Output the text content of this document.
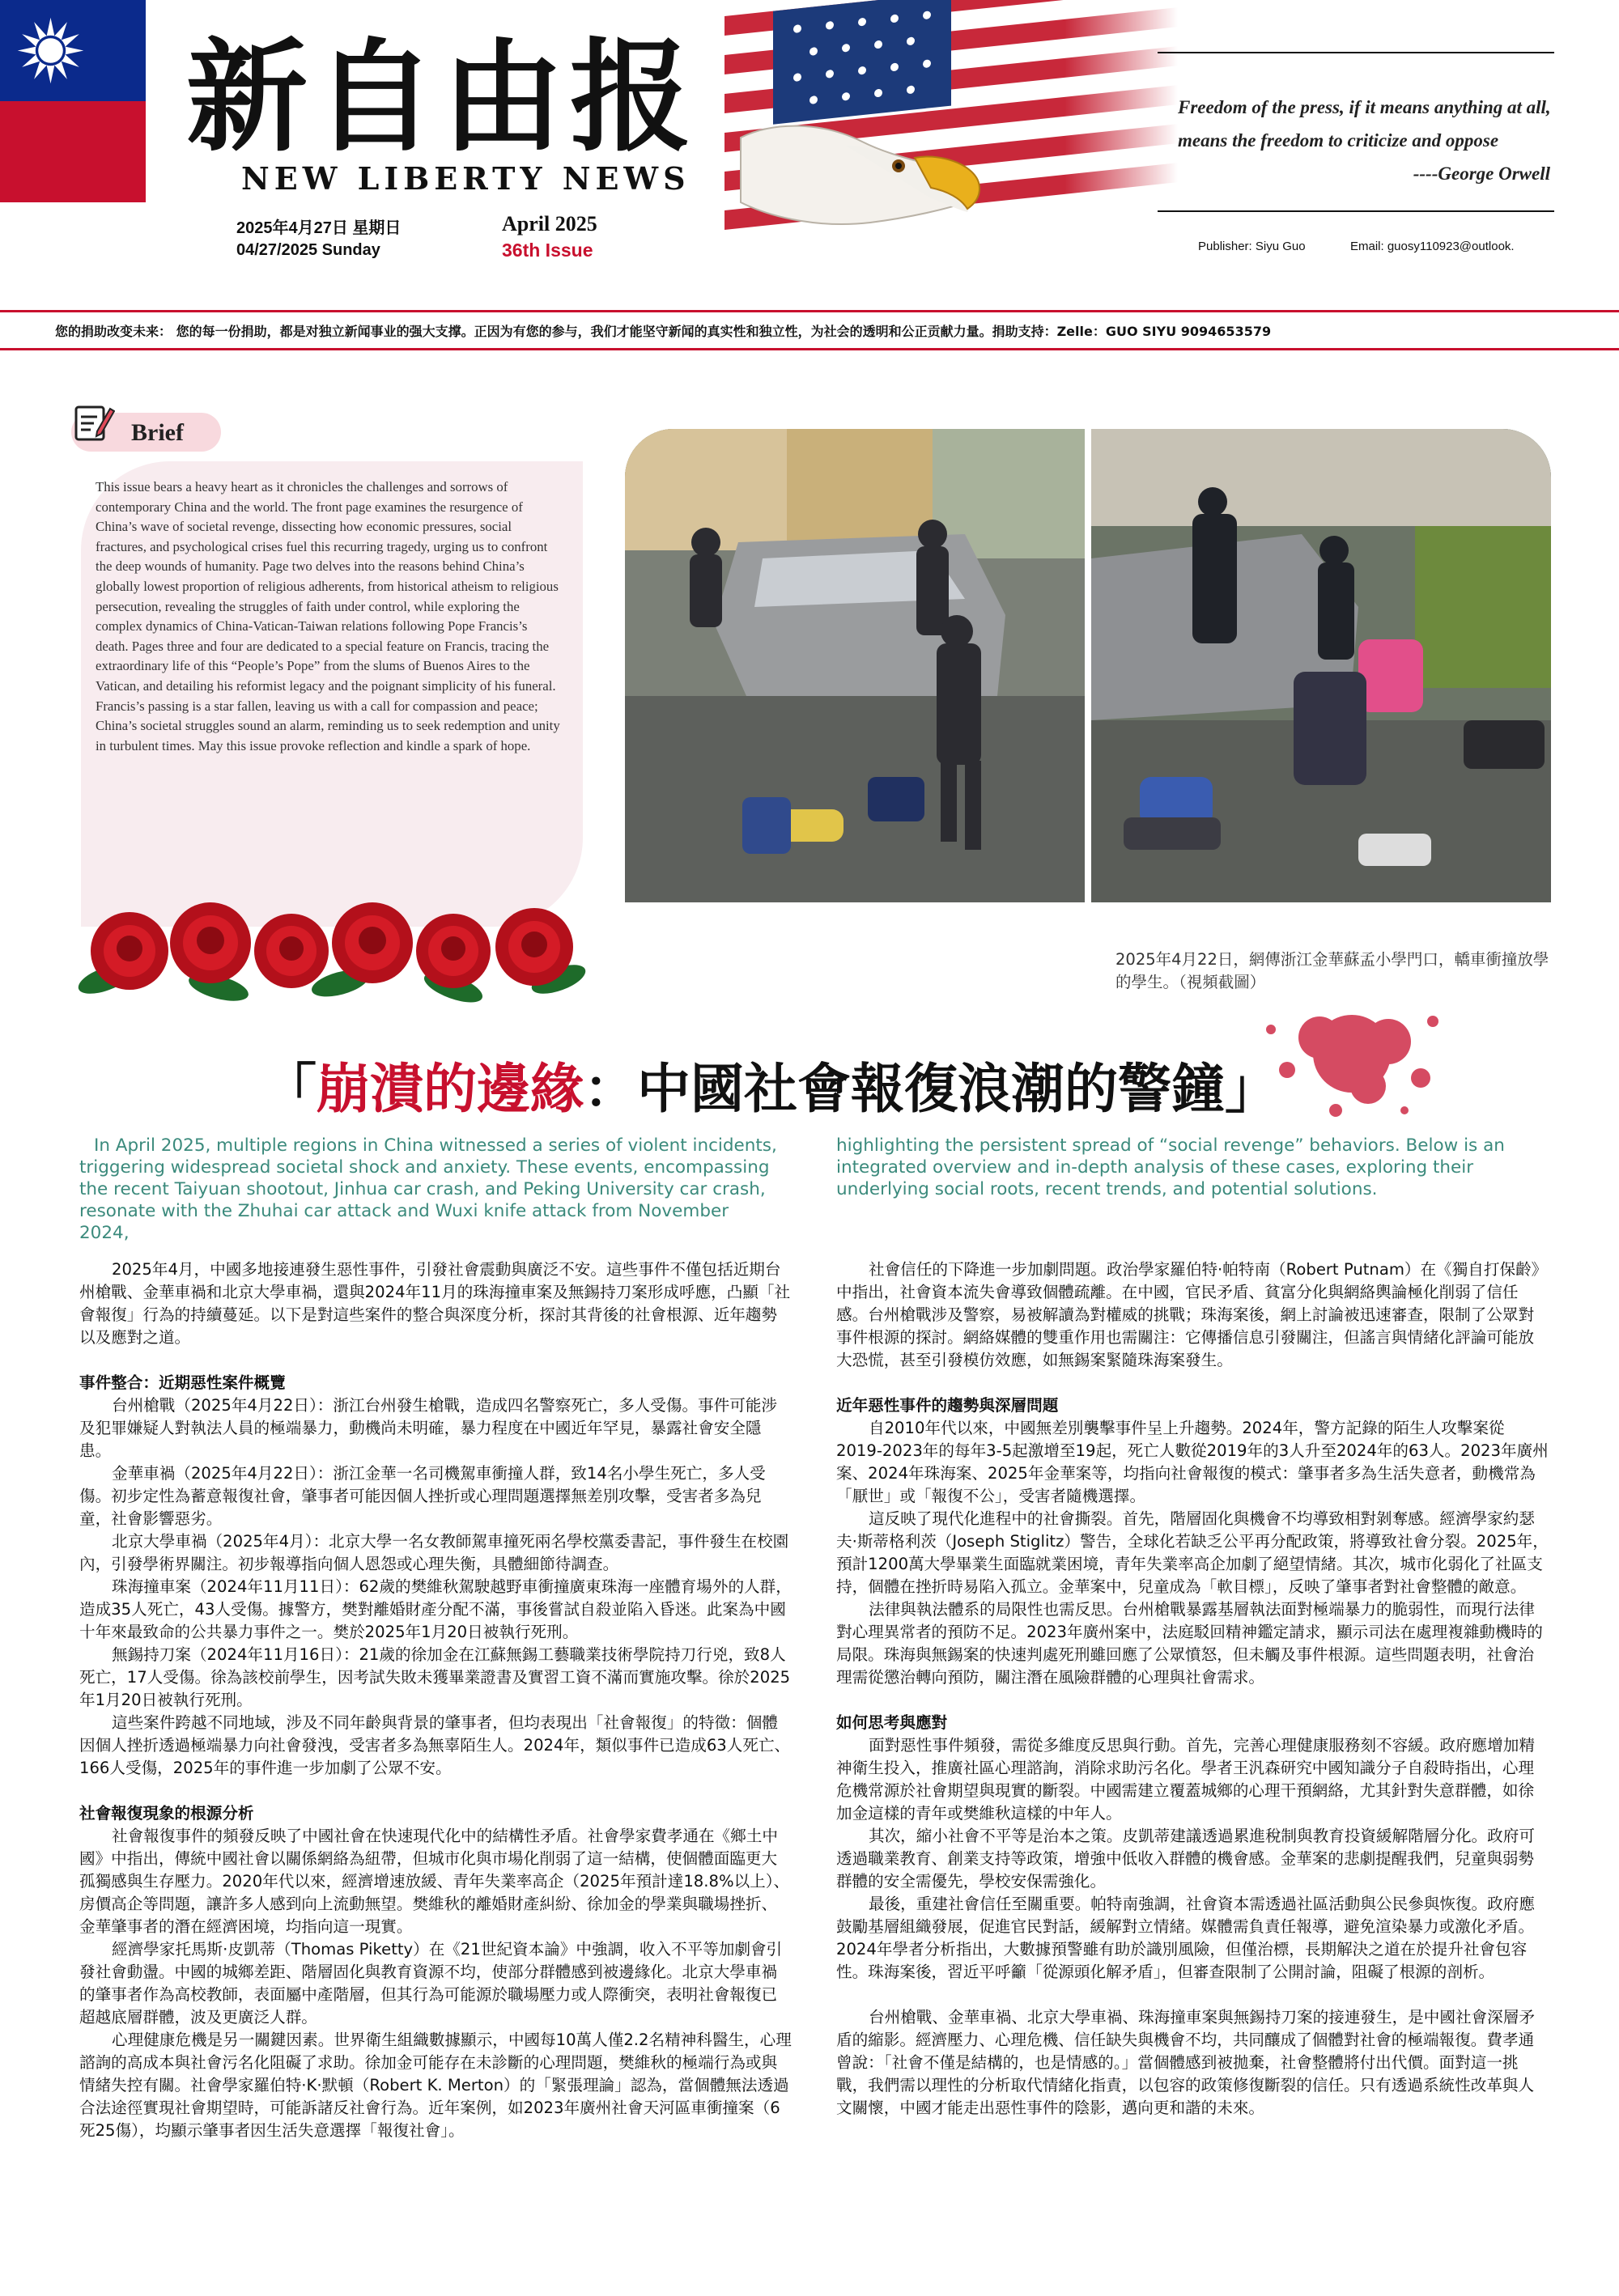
新自由报
NEW LIBERTY NEWS
2025年4月27日 星期日
04/27/2025 Sunday
April 2025
36th Issue
Freedom of the press, if it means anything at all, means the freedom to criticize and oppose
----George Orwell
Publisher: Siyu Guo	Email: guosy110923@outlook.
您的捐助改变未来： 您的每一份捐助，都是对独立新闻事业的强大支撑。正因为有您的参与，我们才能坚守新闻的真实性和独立性，为社会的透明和公正贡献力量。捐助支持：Zelle：GUO SIYU 9094653579
Brief
This issue bears a heavy heart as it chronicles the challenges and sorrows of contemporary China and the world. The front page examines the resurgence of China’s wave of societal revenge, dissecting how economic pressures, social fractures, and psychological crises fuel this recurring tragedy, urging us to confront the deep wounds of humanity. Page two delves into the reasons behind China’s globally lowest proportion of religious adherents, from historical atheism to religious persecution, revealing the struggles of faith under control, while exploring the complex dynamics of China-Vatican-Taiwan relations following Pope Francis’s death. Pages three and four are dedicated to a special feature on Francis, tracing the extraordinary life of this “People’s Pope” from the slums of Buenos Aires to the Vatican, and detailing his reformist legacy and the poignant simplicity of his funeral. Francis’s passing is a star fallen, leaving us with a call for compassion and peace; China’s societal struggles sound an alarm, reminding us to seek redemption and unity in turbulent times. May this issue provoke reflection and kindle a spark of hope.
2025年4月22日，網傳浙江金華蘇孟小學門口，轎車衝撞放學的學生。（視頻截圖）
「崩潰的邊緣：中國社會報復浪潮的警鐘」
In April 2025, multiple regions in China witnessed a series of violent incidents, triggering widespread societal shock and anxiety. These events, encompassing the recent Taiyuan shootout, Jinhua car crash, and Peking University car crash, resonate with the Zhuhai car attack and Wuxi knife attack from November 2024,
highlighting the persistent spread of “social revenge” behaviors. Below is an integrated overview and in-depth analysis of these cases, exploring their underlying social roots, recent trends, and potential solutions.

2025年4月，中國多地接連發生惡性事件，引發社會震動與廣泛不安。這些事件不僅包括近期台州槍戰、金華車禍和北京大學車禍，還與2024年11月的珠海撞車案及無錫持刀案形成呼應，凸顯「社會報復」行為的持續蔓延。以下是對這些案件的整合與深度分析，探討其背後的社會根源、近年趨勢以及應對之道。

事件整合：近期惡性案件概覽

台州槍戰（2025年4月22日）：浙江台州發生槍戰，造成四名警察死亡，多人受傷。事件可能涉及犯罪嫌疑人對執法人員的極端暴力，動機尚未明確，暴力程度在中國近年罕見，暴露社會安全隱患。

金華車禍（2025年4月22日）：浙江金華一名司機駕車衝撞人群，致14名小學生死亡，多人受傷。初步定性為蓄意報復社會，肇事者可能因個人挫折或心理問題選擇無差別攻擊，受害者多為兒童，社會影響惡劣。

北京大學車禍（2025年4月）：北京大學一名女教師駕車撞死兩名學校黨委書記，事件發生在校園內，引發學術界關注。初步報導指向個人恩怨或心理失衡，具體細節待調查。

珠海撞車案（2024年11月11日）：62歲的樊維秋駕駛越野車衝撞廣東珠海一座體育場外的人群，造成35人死亡，43人受傷。據警方，樊對離婚財產分配不滿，事後嘗試自殺並陷入昏迷。此案為中國十年來最致命的公共暴力事件之一。樊於2025年1月20日被執行死刑。

無錫持刀案（2024年11月16日）：21歲的徐加金在江蘇無錫工藝職業技術學院持刀行兇，致8人死亡，17人受傷。徐為該校前學生，因考試失敗未獲畢業證書及實習工資不滿而實施攻擊。徐於2025年1月20日被執行死刑。

這些案件跨越不同地域，涉及不同年齡與背景的肇事者，但均表現出「社會報復」的特徵：個體因個人挫折透過極端暴力向社會發洩，受害者多為無辜陌生人。2024年，類似事件已造成63人死亡、166人受傷，2025年的事件進一步加劇了公眾不安。

社會報復現象的根源分析

社會報復事件的頻發反映了中國社會在快速現代化中的結構性矛盾。社會學家費孝通在《鄉土中國》中指出，傳統中國社會以關係網絡為紐帶，但城市化與市場化削弱了這一結構，使個體面臨更大孤獨感與生存壓力。2020年代以來，經濟增速放緩、青年失業率高企（2025年預計達18.8%以上）、房價高企等問題，讓許多人感到向上流動無望。樊維秋的離婚財產糾紛、徐加金的學業與職場挫折、金華肇事者的潛在經濟困境，均指向這一現實。

經濟學家托馬斯·皮凱蒂（Thomas Piketty）在《21世紀資本論》中強調，收入不平等加劇會引發社會動盪。中國的城鄉差距、階層固化與教育資源不均，使部分群體感到被邊緣化。北京大學車禍的肇事者作為高校教師，表面屬中產階層，但其行為可能源於職場壓力或人際衝突，表明社會報復已超越底層群體，波及更廣泛人群。

心理健康危機是另一關鍵因素。世界衛生組織數據顯示，中國每10萬人僅2.2名精神科醫生，心理諮詢的高成本與社會污名化阻礙了求助。徐加金可能存在未診斷的心理問題，樊維秋的極端行為或與情緒失控有關。社會學家羅伯特·K·默頓（Robert K. Merton）的「緊張理論」認為，當個體無法透過合法途徑實現社會期望時，可能訴諸反社會行為。近年案例，如2023年廣州社會天河區車衝撞案（6死25傷），均顯示肇事者因生活失意選擇「報復社會」。

社會信任的下降進一步加劇問題。政治學家羅伯特·帕特南（Robert Putnam）在《獨自打保齡》中指出，社會資本流失會導致個體疏離。在中國，官民矛盾、貧富分化與網絡輿論極化削弱了信任感。台州槍戰涉及警察，易被解讀為對權威的挑戰；珠海案後，網上討論被迅速審查，限制了公眾對事件根源的探討。網絡媒體的雙重作用也需關注：它傳播信息引發關注，但謠言與情緒化評論可能放大恐慌，甚至引發模仿效應，如無錫案緊隨珠海案發生。

近年惡性事件的趨勢與深層問題

自2010年代以來，中國無差別襲擊事件呈上升趨勢。2024年，警方記錄的陌生人攻擊案從2019-2023年的每年3-5起激增至19起，死亡人數從2019年的3人升至2024年的63人。2023年廣州案、2024年珠海案、2025年金華案等，均指向社會報復的模式：肇事者多為生活失意者，動機常為「厭世」或「報復不公」，受害者隨機選擇。

這反映了現代化進程中的社會撕裂。首先，階層固化與機會不均導致相對剝奪感。經濟學家約瑟夫·斯蒂格利茨（Joseph Stiglitz）警告，全球化若缺乏公平再分配政策，將導致社會分裂。2025年，預計1200萬大學畢業生面臨就業困境，青年失業率高企加劇了絕望情緒。其次，城市化弱化了社區支持，個體在挫折時易陷入孤立。金華案中，兒童成為「軟目標」，反映了肇事者對社會整體的敵意。

法律與執法體系的局限性也需反思。台州槍戰暴露基層執法面對極端暴力的脆弱性，而現行法律對心理異常者的預防不足。2023年廣州案中，法庭駁回精神鑑定請求，顯示司法在處理複雜動機時的局限。珠海與無錫案的快速判處死刑雖回應了公眾憤怒，但未觸及事件根源。這些問題表明，社會治理需從懲治轉向預防，關注潛在風險群體的心理與社會需求。

如何思考與應對

面對惡性事件頻發，需從多維度反思與行動。首先，完善心理健康服務刻不容緩。政府應增加精神衛生投入，推廣社區心理諮詢，消除求助污名化。學者王汎森研究中國知識分子自殺時指出，心理危機常源於社會期望與現實的斷裂。中國需建立覆蓋城鄉的心理干預網絡，尤其針對失意群體，如徐加金這樣的青年或樊維秋這樣的中年人。

其次，縮小社會不平等是治本之策。皮凱蒂建議透過累進稅制與教育投資緩解階層分化。政府可透過職業教育、創業支持等政策，增強中低收入群體的機會感。金華案的悲劇提醒我們，兒童與弱勢群體的安全需優先，學校安保需強化。

最後，重建社會信任至關重要。帕特南強調，社會資本需透過社區活動與公民參與恢復。政府應鼓勵基層組織發展，促進官民對話，緩解對立情緒。媒體需負責任報導，避免渲染暴力或激化矛盾。2024年學者分析指出，大數據預警雖有助於識別風險，但僅治標，長期解決之道在於提升社會包容性。珠海案後，習近平呼籲「從源頭化解矛盾」，但審查限制了公開討論，阻礙了根源的剖析。

台州槍戰、金華車禍、北京大學車禍、珠海撞車案與無錫持刀案的接連發生，是中國社會深層矛盾的縮影。經濟壓力、心理危機、信任缺失與機會不均，共同釀成了個體對社會的極端報復。費孝通曾說：「社會不僅是結構的，也是情感的。」當個體感到被拋棄，社會整體將付出代價。面對這一挑戰，我們需以理性的分析取代情緒化指責，以包容的政策修復斷裂的信任。只有透過系統性改革與人文關懷，中國才能走出惡性事件的陰影，邁向更和諧的未來。
